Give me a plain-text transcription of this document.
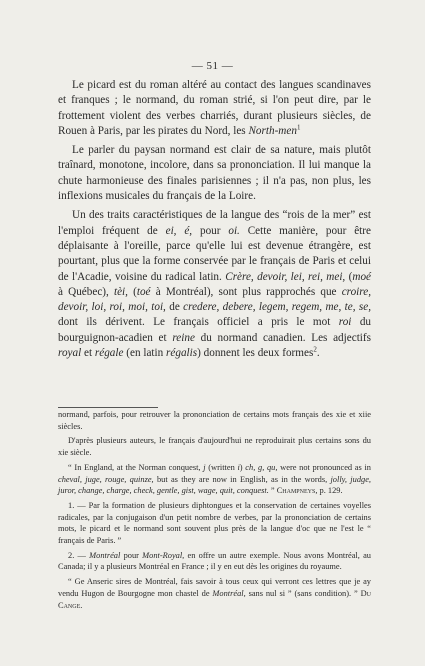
— 51 —

Le picard est du roman altéré au contact des langues scandinaves et franques ; le normand, du roman strié, si l'on peut dire, par le frottement violent des verbes charriés, durant plusieurs siècles, de Rouen à Paris, par les pirates du Nord, les North-men$^1$

Le parler du paysan normand est clair de sa nature, mais plutôt traînard, monotone, incolore, dans sa prononciation. Il lui manque la chute harmonieuse des finales parisiennes ; il n'a pas, non plus, les inflexions musicales du français de la Loire.

Un des traits caractéristiques de la langue des “rois de la mer” est l'emploi fréquent de ei, é, pour oi. Cette manière, pour être déplaisante à l'oreille, parce qu'elle lui est devenue étrangère, est pourtant, plus que la forme conservée par le français de Paris et celui de l'Acadie, voisine du radical latin. Crère, devoir, lei, rei, mei, (moé à Québec), tèi, (toé à Montréal), sont plus rapprochés que croire, devoir, loi, roi, moi, toi, de credere, debere, legem, regem, me, te, se, dont ils dérivent. Le français officiel a pris le mot roi du bourguignon-acadien et reine du normand canadien. Les adjectifs royal et régale (en latin régalis) donnent les deux formes$^2$.

normand, parfois, pour retrouver la prononciation de certains mots français des xie et xiie siècles.

D'après plusieurs auteurs, le français d'aujourd'hui ne reproduirait plus certains sons du xie siècle.

“ In England, at the Norman conquest, j (written i) ch, g, qu, were not pronounced as in cheval, juge, rouge, quinze, but as they are now in English, as in the words, jolly, judge, juror, change, charge, check, gentle, gist, wage, quit, conquest. ” Champneys, p. 129.

1. — Par la formation de plusieurs diphtongues et la conservation de certaines voyelles radicales, par la conjugaison d'un petit nombre de verbes, par la prononciation de certains mots, le picard et le normand sont souvent plus près de la langue d'oc que ne l'est le “ français de Paris. ”

2. — Montréal pour Mont-Royal, en offre un autre exemple. Nous avons Montréal, au Canada; il y a plusieurs Montréal en France ; il y en eut dès les origines du royaume.

“ Ge Anseric sires de Montréal, fais savoir à tous ceux qui verront ces lettres que je ay vendu Hugon de Bourgogne mon chastel de Montréal, sans nul si ” (sans condition). ” Du Cange.
